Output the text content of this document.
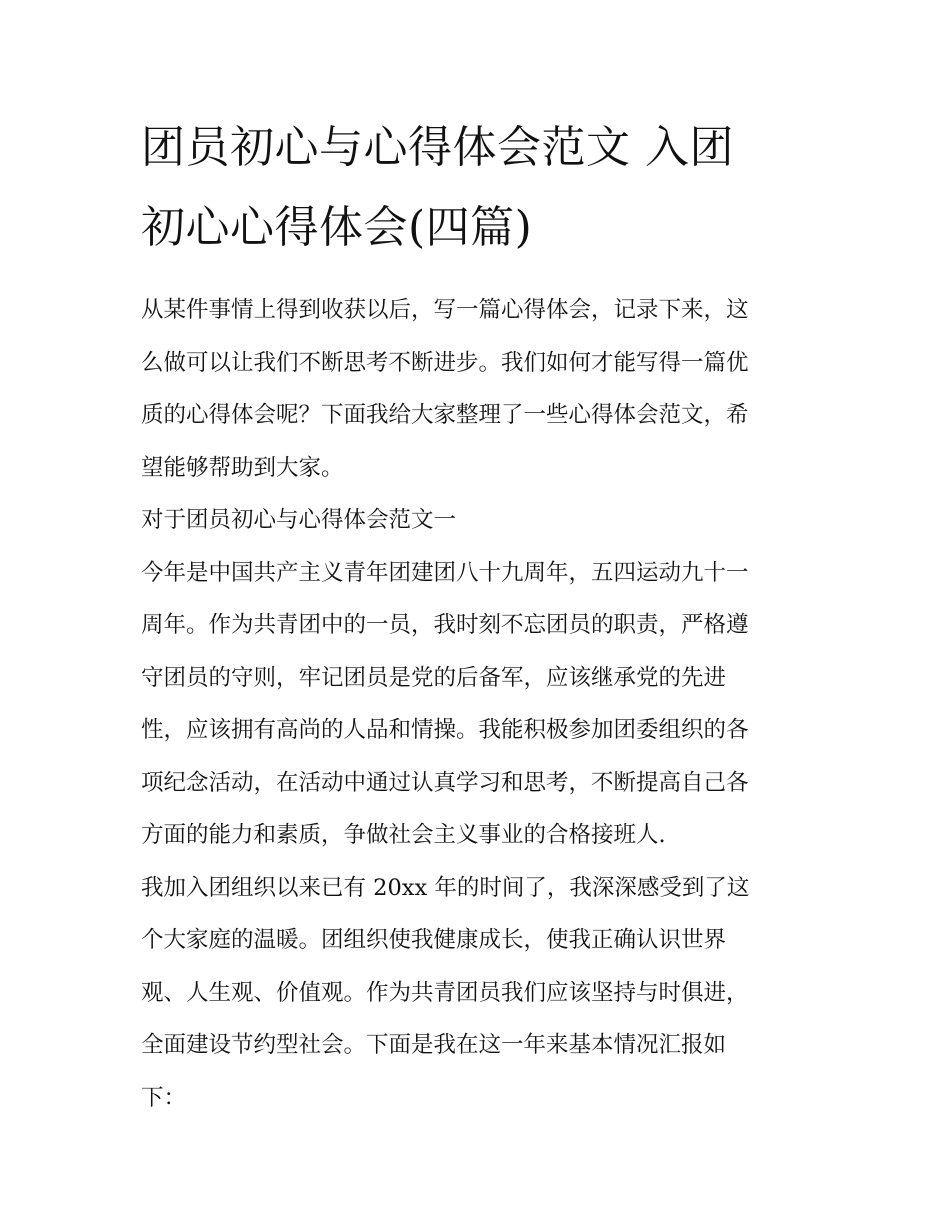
团员初心与心得体会范文 入团
初心心得体会(四篇)
从某件事情上得到收获以后，写一篇心得体会，记录下来，这
么做可以让我们不断思考不断进步。我们如何才能写得一篇优
质的心得体会呢？下面我给大家整理了一些心得体会范文，希
望能够帮助到大家。
对于团员初心与心得体会范文一
今年是中国共产主义青年团建团八十九周年，五四运动九十一
周年。作为共青团中的一员，我时刻不忘团员的职责，严格遵
守团员的守则，牢记团员是党的后备军，应该继承党的先进
性，应该拥有高尚的人品和情操。我能积极参加团委组织的各
项纪念活动，在活动中通过认真学习和思考，不断提高自己各
方面的能力和素质，争做社会主义事业的合格接班人.
我加入团组织以来已有 20xx 年的时间了，我深深感受到了这
个大家庭的温暖。团组织使我健康成长，使我正确认识世界
观、人生观、价值观。作为共青团员我们应该坚持与时俱进，
全面建设节约型社会。下面是我在这一年来基本情况汇报如
下：
